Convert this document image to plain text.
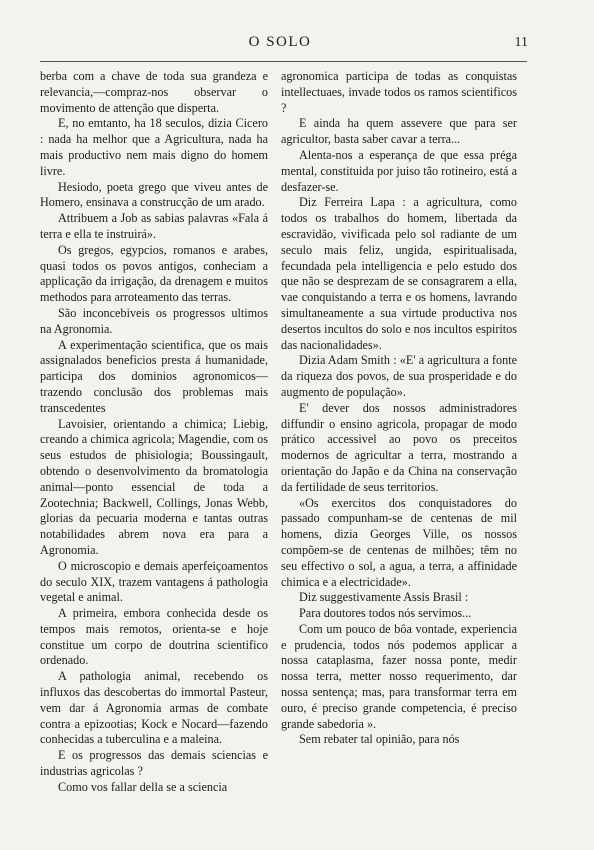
O SOLO	11

berba com a chave de toda sua grandeza e relevancia,—compraz-nos observar o movimento de attenção que disperta.

E, no emtanto, ha 18 seculos, dizia Cicero : nada ha melhor que a Agricultura, nada ha mais productivo nem mais digno do homem livre.

Hesiodo, poeta grego que viveu antes de Homero, ensinava a construcção de um arado.

Attribuem a Job as sabias palavras «Fala á terra e ella te instruirá».

Os gregos, egypcios, romanos e arabes, quasi todos os povos antigos, conheciam a applicação da irrigação, da drenagem e muitos methodos para arroteamento das terras.

São inconcebiveis os progressos ultimos na Agronomia.

A experimentação scientifica, que os mais assignalados beneficios presta á humanidade, participa dos dominios agronomicos—trazendo conclusão dos problemas mais transcedentes

Lavoisier, orientando a chimica; Liebig, creando a chimica agricola; Magendie, com os seus estudos de phisiologia; Boussingault, obtendo o desenvolvimento da bromatologia animal—ponto essencial de toda a Zootechnia; Backwell, Collings, Jonas Webb, glorias da pecuaria moderna e tantas outras notabilidades abrem nova era para a Agronomia.

O microscopio e demais aperfeiçoamentos do seculo XIX, trazem vantagens á pathologia vegetal e animal.

A primeira, embora conhecida desde os tempos mais remotos, orienta-se e hoje constitue um corpo de doutrina scientifico ordenado.

A pathologia animal, recebendo os influxos das descobertas do immortal Pasteur, vem dar á Agronomia armas de combate contra a epizootias; Kock e Nocard—fazendo conhecidas a tuberculina e a maleina.

E os progressos das demais sciencias e industrias agricolas ?

Como vos fallar della se a sciencia

agronomica participa de todas as conquistas intellectuaes, invade todos os ramos scientificos ?

E ainda ha quem assevere que para ser agricultor, basta saber cavar a terra...

Alenta-nos a esperança de que essa préga mental, constituida por juiso tão rotineiro, está a desfazer-se.

Diz Ferreira Lapa : a agricultura, como todos os trabalhos do homem, libertada da escravidão, vivificada pelo sol radiante de um seculo mais feliz, ungida, espiritualisada, fecundada pela intelligencia e pelo estudo dos que não se desprezam de se consagrarem a ella, vae conquistando a terra e os homens, lavrando simultaneamente a sua virtude productiva nos desertos incultos do solo e nos incultos espiritos das nacionalidades».

Dizia Adam Smith : «E' a agricultura a fonte da riqueza dos povos, de sua prosperidade e do augmento de população».

E' dever dos nossos administradores diffundir o ensino agricola, propagar de modo prático accessivel ao povo os preceitos modernos de agricultar a terra, mostrando a orientação do Japão e da China na conservação da fertilidade de seus territorios.

«Os exercitos dos conquistadores do passado compunham-se de centenas de mil homens, dizia Georges Ville, os nossos compõem-se de centenas de milhões; têm no seu effectivo o sol, a agua, a terra, a affinidade chimica e a electricidade».

Diz suggestivamente Assis Brasil :

Para doutores todos nós servimos...

Com um pouco de bôa vontade, experiencia e prudencia, todos nós podemos applicar a nossa cataplasma, fazer nossa ponte, medir nossa terra, metter nosso requerimento, dar nossa sentença; mas, para transformar terra em ouro, é preciso grande competencia, é preciso grande sabedoria ».

Sem rebater tal opinião, para nós
